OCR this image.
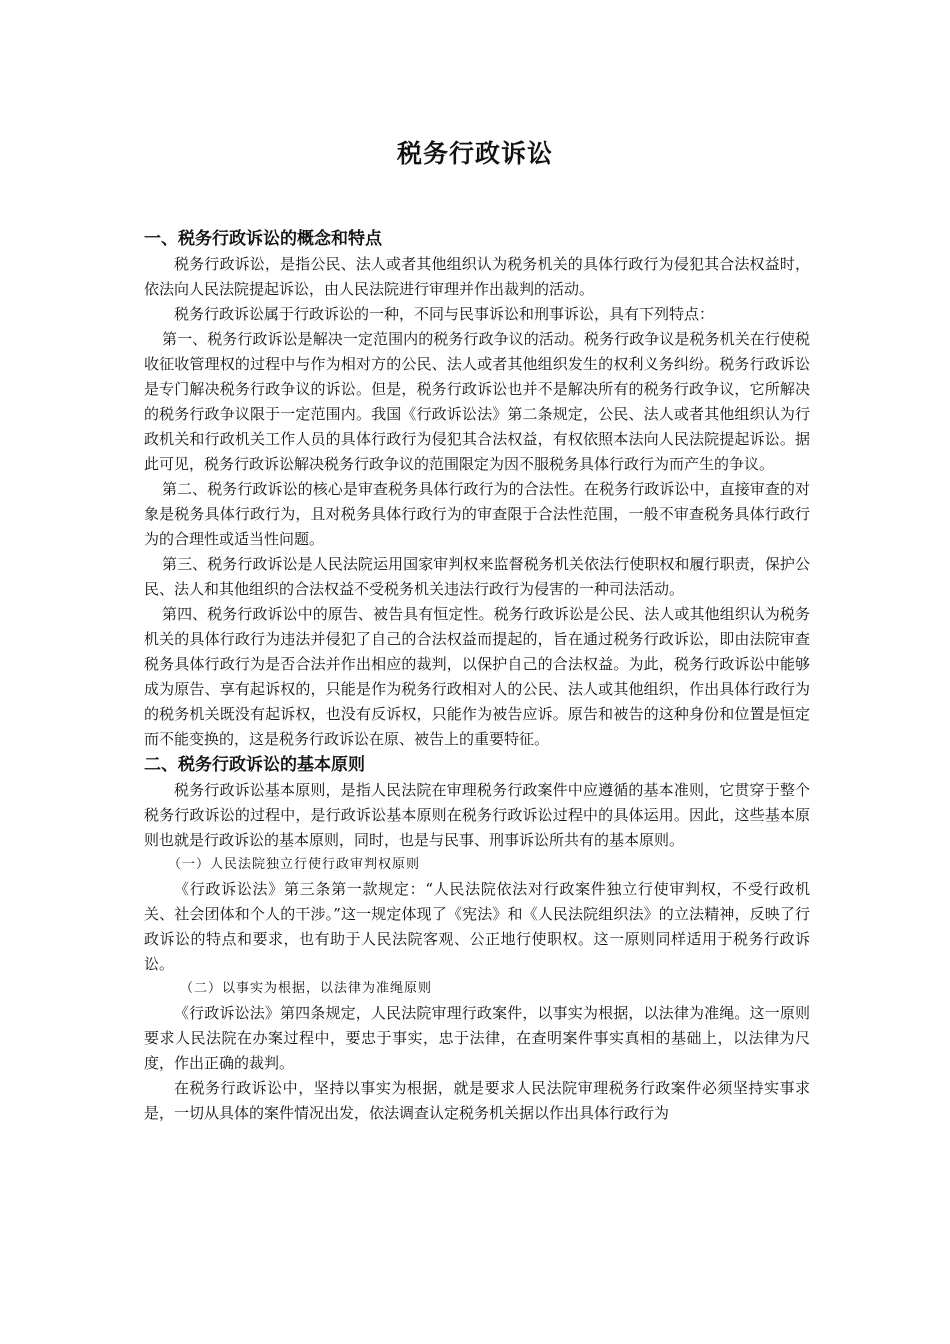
税务行政诉讼
一、税务行政诉讼的概念和特点

税务行政诉讼，是指公民、法人或者其他组织认为税务机关的具体行政行为侵犯其合法权益时，依法向人民法院提起诉讼，由人民法院进行审理并作出裁判的活动。

税务行政诉讼属于行政诉讼的一种，不同与民事诉讼和刑事诉讼，具有下列特点：

第一、税务行政诉讼是解决一定范围内的税务行政争议的活动。税务行政争议是税务机关在行使税收征收管理权的过程中与作为相对方的公民、法人或者其他组织发生的权利义务纠纷。税务行政诉讼是专门解决税务行政争议的诉讼。但是，税务行政诉讼也并不是解决所有的税务行政争议，它所解决的税务行政争议限于一定范围内。我国《行政诉讼法》第二条规定，公民、法人或者其他组织认为行政机关和行政机关工作人员的具体行政行为侵犯其合法权益，有权依照本法向人民法院提起诉讼。据此可见，税务行政诉讼解决税务行政争议的范围限定为因不服税务具体行政行为而产生的争议。

第二、税务行政诉讼的核心是审查税务具体行政行为的合法性。在税务行政诉讼中，直接审查的对象是税务具体行政行为，且对税务具体行政行为的审查限于合法性范围，一般不审查税务具体行政行为的合理性或适当性问题。

第三、税务行政诉讼是人民法院运用国家审判权来监督税务机关依法行使职权和履行职责，保护公民、法人和其他组织的合法权益不受税务机关违法行政行为侵害的一种司法活动。

第四、税务行政诉讼中的原告、被告具有恒定性。税务行政诉讼是公民、法人或其他组织认为税务机关的具体行政行为违法并侵犯了自己的合法权益而提起的，旨在通过税务行政诉讼，即由法院审查税务具体行政行为是否合法并作出相应的裁判，以保护自己的合法权益。为此，税务行政诉讼中能够成为原告、享有起诉权的，只能是作为税务行政相对人的公民、法人或其他组织，作出具体行政行为的税务机关既没有起诉权，也没有反诉权，只能作为被告应诉。原告和被告的这种身份和位置是恒定而不能变换的，这是税务行政诉讼在原、被告上的重要特征。

二、税务行政诉讼的基本原则

税务行政诉讼基本原则，是指人民法院在审理税务行政案件中应遵循的基本准则，它贯穿于整个税务行政诉讼的过程中，是行政诉讼基本原则在税务行政诉讼过程中的具体运用。因此，这些基本原则也就是行政诉讼的基本原则，同时，也是与民事、刑事诉讼所共有的基本原则。

（一）人民法院独立行使行政审判权原则

《行政诉讼法》第三条第一款规定：“人民法院依法对行政案件独立行使审判权，不受行政机关、社会团体和个人的干涉。”这一规定体现了《宪法》和《人民法院组织法》的立法精神，反映了行政诉讼的特点和要求，也有助于人民法院客观、公正地行使职权。这一原则同样适用于税务行政诉讼。

（二）以事实为根据，以法律为准绳原则

《行政诉讼法》第四条规定，人民法院审理行政案件，以事实为根据，以法律为准绳。这一原则要求人民法院在办案过程中，要忠于事实，忠于法律，在查明案件事实真相的基础上，以法律为尺度，作出正确的裁判。

在税务行政诉讼中，坚持以事实为根据，就是要求人民法院审理税务行政案件必须坚持实事求是，一切从具体的案件情况出发，依法调查认定税务机关据以作出具体行政行为
